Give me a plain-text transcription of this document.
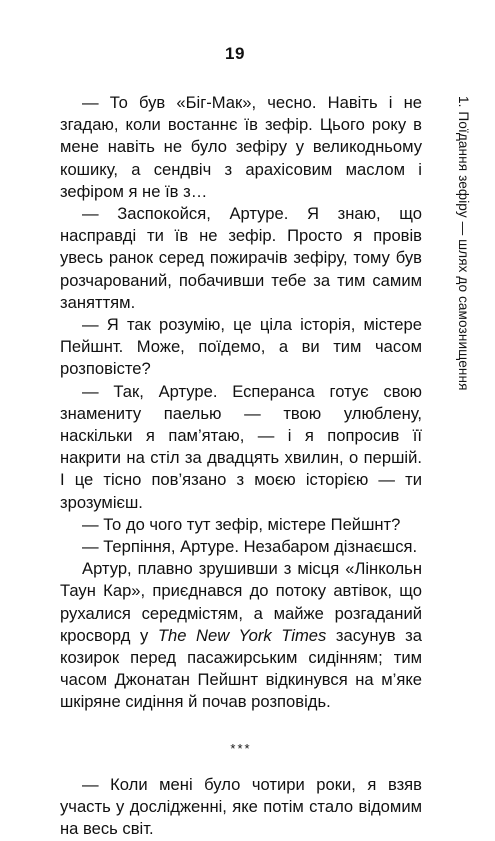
19
1. Поїдання зефіру — шлях до самознищення

— То був «Біг-Мак», чесно. Навіть і не згадаю, коли востаннє їв зефір. Цього року в мене навіть не було зефіру у великодньому кошику, а сендвіч з арахісовим маслом і зефіром я не їв з…

— Заспокойся, Артуре. Я знаю, що насправді ти їв не зефір. Просто я провів увесь ранок серед пожирачів зефіру, тому був розчарований, побачивши тебе за тим самим заняттям.

— Я так розумію, це ціла історія, містере Пейшнт. Може, поїдемо, а ви тим часом розповісте?

— Так, Артуре. Есперанса готує свою знамениту паелью — твою улюблену, наскільки я пам’ятаю, — і я попросив її накрити на стіл за двадцять хвилин, о першій. І це тісно пов’язано з моєю історією — ти зрозумієш.

— То до чого тут зефір, містере Пейшнт?

— Терпіння, Артуре. Незабаром дізнаєшся.

Артур, плавно зрушивши з місця «Лінкольн Таун Кар», приєднався до потоку автівок, що рухалися середмістям, а майже розгаданий кросворд у The New York Times засунув за козирок перед пасажирським сидінням; тим часом Джонатан Пейшнт відкинувся на м’яке шкіряне сидіння й почав розповідь.

***

— Коли мені було чотири роки, я взяв участь у дослідженні, яке потім стало відомим на весь світ.
